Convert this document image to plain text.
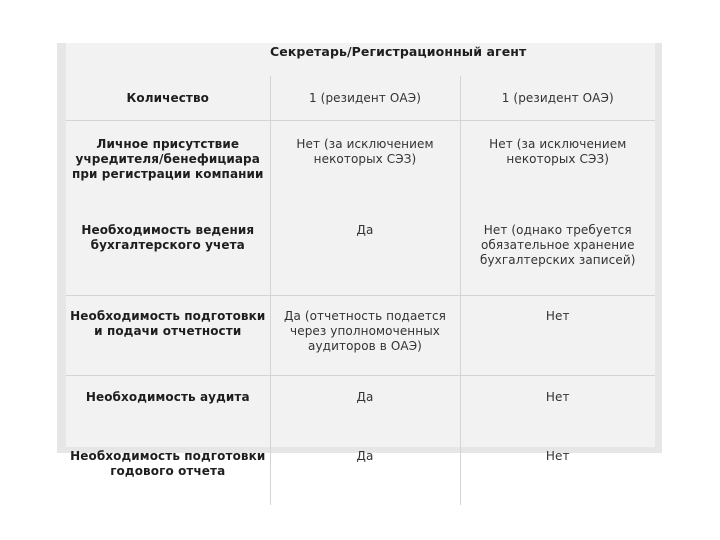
	Секретарь/Регистрационный агент	
Количество	1 (резидент ОАЭ)	1 (резидент ОАЭ)
Личное присутствие учредителя/бенефициара при регистрации компании	Нет (за исключением некоторых СЭЗ)	Нет (за исключением некоторых СЭЗ)
Необходимость ведения бухгалтерского учета	Да	Нет (однако требуется обязательное хранение бухгалтерских записей)
Необходимость подготовки и подачи отчетности	Да (отчетность подается через уполномоченных аудиторов в ОАЭ)	Нет
Необходимость аудита	Да	Нет
Необходимость подготовки годового отчета	Да	Нет
